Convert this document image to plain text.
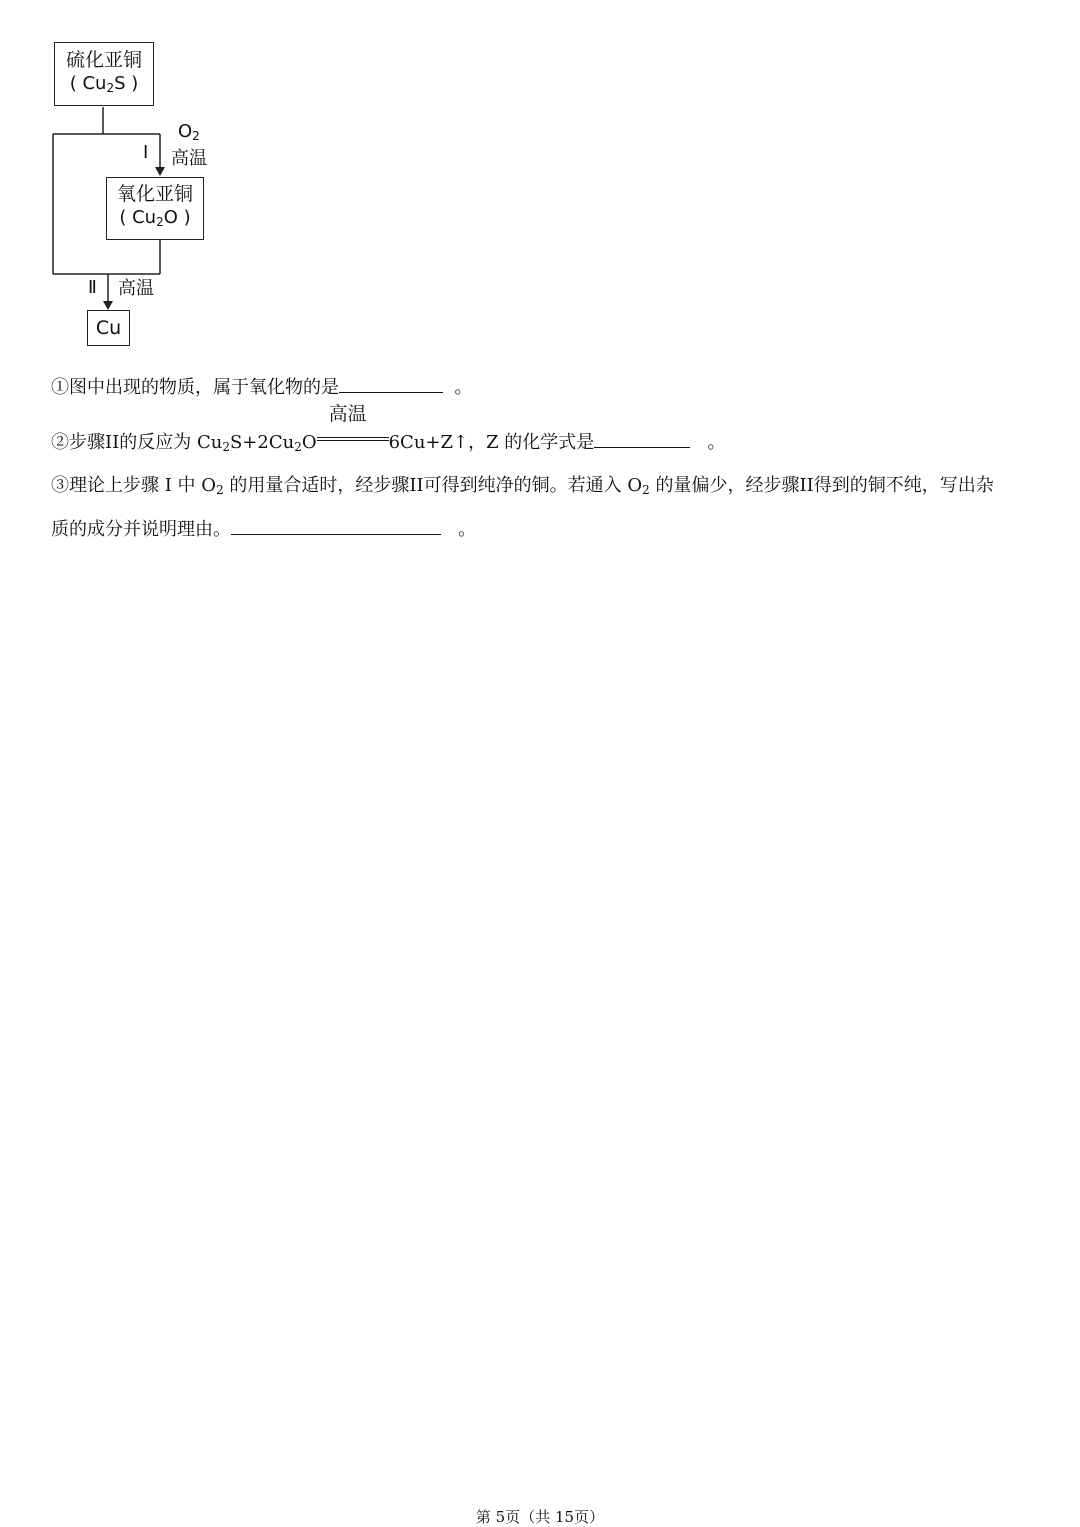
硫化亚铜
( $Cu_2S$ )
$O_2$
I 高温
氧化亚铜
( $Cu_2O$ )
Ⅱ 高温
Cu
①图中出现的物质，属于氧化物的是	。
②步骤II的反应为 $Cu_2S+2Cu_2O$
高温
6Cu+Z↑，Z 的化学式是	。
③理论上步骤 I 中 $O_2$ 的用量合适时，经步骤II可得到纯净的铜。若通入 $O_2$ 的量偏少，经步骤II得到的铜不纯，写出杂
质的成分并说明理由。	。
第 5页（共 15页）
